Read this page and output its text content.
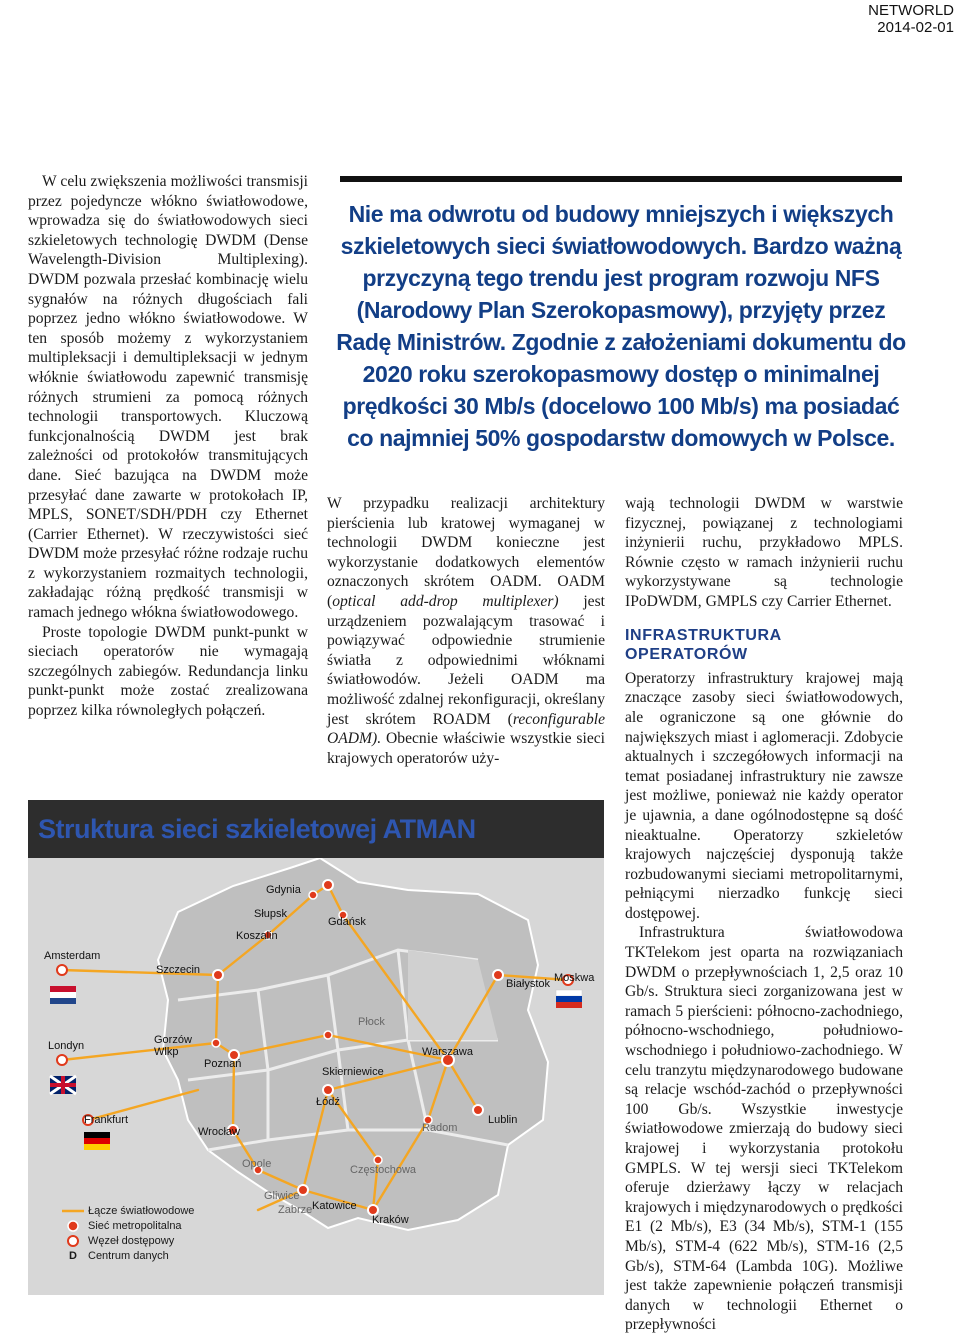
NETWORLD
2014-02-01

W celu zwiększenia możliwości transmisji przez pojedyncze włókno światłowodowe, wprowadza się do światłowodowych sieci szkieletowych technologię DWDM (Dense Wavelength-Division Multiplexing). DWDM pozwala przesłać kombinację wielu sygnałów na różnych długościach fali poprzez jedno włókno światłowodowe. W ten sposób możemy z wykorzystaniem multipleksacji i demultipleksacji w jednym włóknie światłowodu zapewnić transmisję różnych strumieni za pomocą różnych technologii transportowych. Kluczową funkcjonalnością DWDM jest brak zależności od protokołów transmitujących dane. Sieć bazująca na DWDM może przesyłać dane zawarte w protokołach IP, MPLS, SONET/SDH/PDH czy Ethernet (Carrier Ethernet). W rzeczywistości sieć DWDM może przesyłać różne rodzaje ruchu z wykorzystaniem rozmaitych technologii, zakładając różną prędkość transmisji w ramach jednego włókna światłowodowego.

Proste topologie DWDM punkt-punkt w sieciach operatorów nie wymagają szczególnych zabiegów. Redundancja linku punkt-punkt może zostać zrealizowana poprzez kilka równoległych połączeń.

Nie ma odwrotu od budowy mniejszych i większych szkieletowych sieci światłowodowych. Bardzo ważną przyczyną tego trendu jest program rozwoju NFS (Narodowy Plan Szerokopasmowy), przyjęty przez Radę Ministrów. Zgodnie z założeniami dokumentu do 2020 roku szerokopasmowy dostęp o minimalnej prędkości 30 Mb/s (docelowo 100 Mb/s) ma posiadać co najmniej 50% gospodarstw domowych w Polsce.

W przypadku realizacji architektury pierścienia lub kratowej wymaganej w technologii DWDM konieczne jest wykorzystanie dodatkowych elementów oznaczonych skrótem OADM. OADM (optical add-drop multiplexer) jest urządzeniem pozwalającym trasować i powiązywać odpowiednie strumienie światła z odpowiednimi włóknami światłowodów. Jeżeli OADM ma możliwość zdalnej rekonfiguracji, określany jest skrótem ROADM (reconfigurable OADM). Obecnie właściwie wszystkie sieci krajowych operatorów uży-

wają technologii DWDM w warstwie fizycznej, powiązanej z technologiami inżynierii ruchu, przykładowo MPLS. Równie często w ramach inżynierii ruchu wykorzystywane są technologie IPoDWDM, GMPLS czy Carrier Ethernet.

INFRASTRUKTURA OPERATORÓW

Operatorzy infrastruktury krajowej mają znaczące zasoby sieci światłowodowych, ale ograniczone są one głównie do największych miast i aglomeracji. Zdobycie aktualnych i szczegółowych informacji na temat posiadanej infrastruktury nie zawsze jest możliwe, ponieważ nie każdy operator je ujawnia, a dane ogólnodostępne są dość nieaktualne. Operatorzy szkieletów krajowych najczęściej dysponują także rozbudowanymi sieciami metropolitarnymi, pełniącymi nierzadko funkcję sieci dostępowej.

Infrastruktura światłowodowa TKTelekom jest oparta na rozwiązaniach DWDM o przepływnościach 1, 2,5 oraz 10 Gb/s. Struktura sieci zorganizowana jest w ramach 5 pierścieni: północno-zachodniego, północno-wschodniego, południowo-wschodniego i południowo-zachodniego. W celu tranzytu międzynarodowego budowane są relacje wschód-zachód o przepływności 100 Gb/s. Wszystkie inwestycje światłowodowe zmierzają do budowy sieci krajowej i wykorzystania protokołu GMPLS. W tej wersji sieci TKTelekom oferuje dzierżawy łączy w relacjach krajowych i międzynarodowych o prędkości E1 (2 Mb/s), E3 (34 Mb/s), STM-1 (155 Mb/s), STM-4 (622 Mb/s), STM-16 (2,5 Gb/s), STM-64 (Lambda 10G). Możliwe jest także zapewnienie połączeń transmisji danych w technologii Ethernet o przepływności

Struktura sieci szkieletowej ATMAN
Gdynia
Gdańsk
Słupsk
Koszalin
Szczecin
Białystok
Gorzów Wlkp
Poznań
Płock
Warszawa
Skierniewice
Łódź
Radom
Lublin
Wrocław
Opole	Częstochowa
Katowice
Gliwice
Zabrze
Kraków
Amsterdam
Londyn
Frankfurt
Moskwa
Łącze światłowodowe
Sieć metropolitalna
Węzeł dostępowy
D	Centrum danych
